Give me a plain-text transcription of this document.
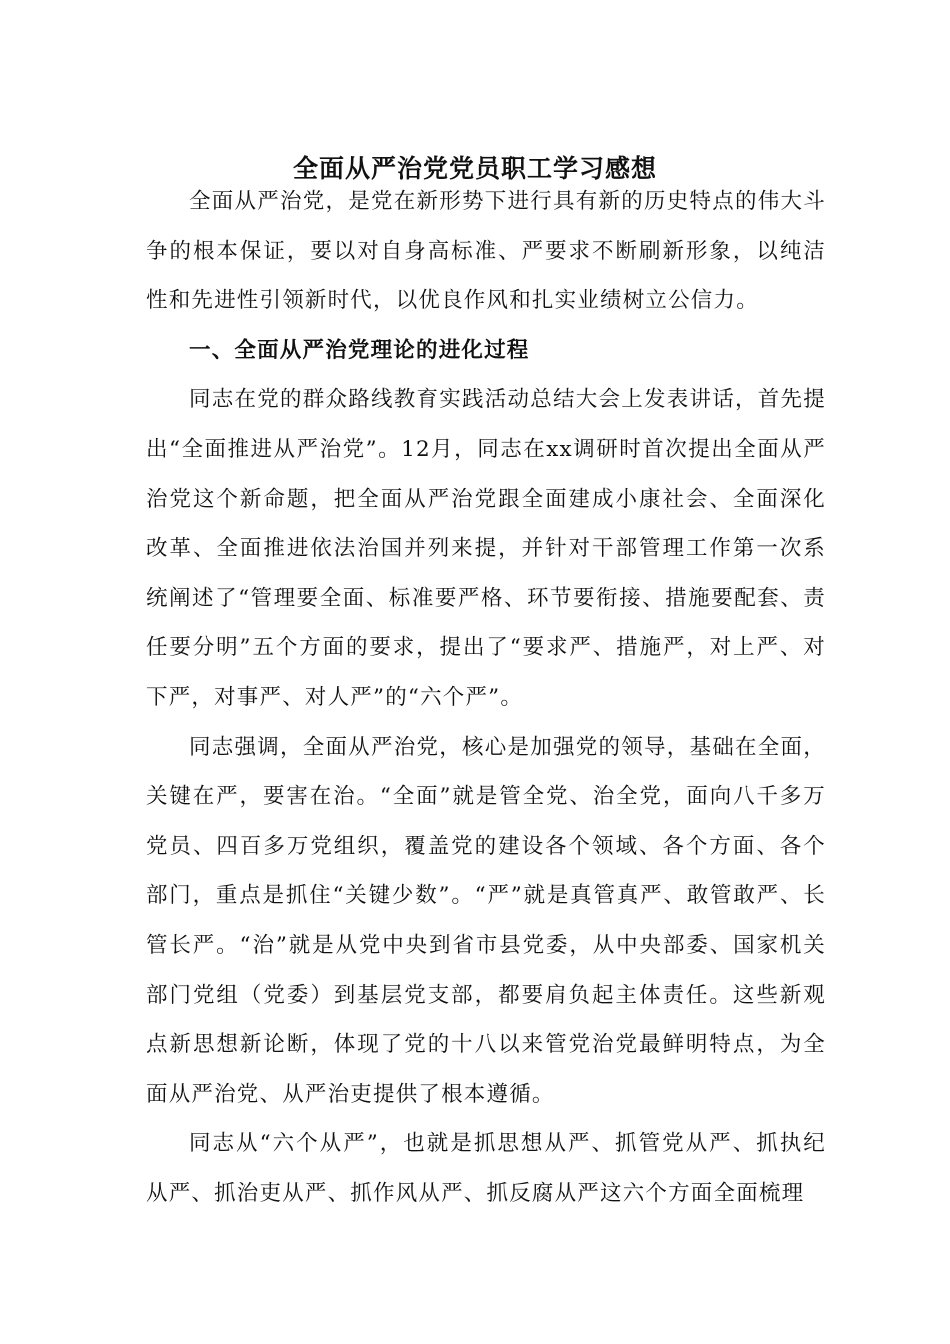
全面从严治党党员职工学习感想

全面从严治党，是党在新形势下进行具有新的历史特点的伟大斗争的根本保证，要以对自身高标准、严要求不断刷新形象，以纯洁性和先进性引领新时代，以优良作风和扎实业绩树立公信力。

一、全面从严治党理论的进化过程

同志在党的群众路线教育实践活动总结大会上发表讲话，首先提出“全面推进从严治党”。12月，同志在xx调研时首次提出全面从严治党这个新命题，把全面从严治党跟全面建成小康社会、全面深化改革、全面推进依法治国并列来提，并针对干部管理工作第一次系统阐述了“管理要全面、标准要严格、环节要衔接、措施要配套、责任要分明”五个方面的要求，提出了“要求严、措施严，对上严、对下严，对事严、对人严”的“六个严”。

同志强调，全面从严治党，核心是加强党的领导，基础在全面，关键在严，要害在治。“全面”就是管全党、治全党，面向八千多万党员、四百多万党组织，覆盖党的建设各个领域、各个方面、各个部门，重点是抓住“关键少数”。“严”就是真管真严、敢管敢严、长管长严。“治”就是从党中央到省市县党委，从中央部委、国家机关部门党组（党委）到基层党支部，都要肩负起主体责任。这些新观点新思想新论断，体现了党的十八以来管党治党最鲜明特点，为全面从严治党、从严治吏提供了根本遵循。

同志从“六个从严”，也就是抓思想从严、抓管党从严、抓执纪从严、抓治吏从严、抓作风从严、抓反腐从严这六个方面全面梳理
